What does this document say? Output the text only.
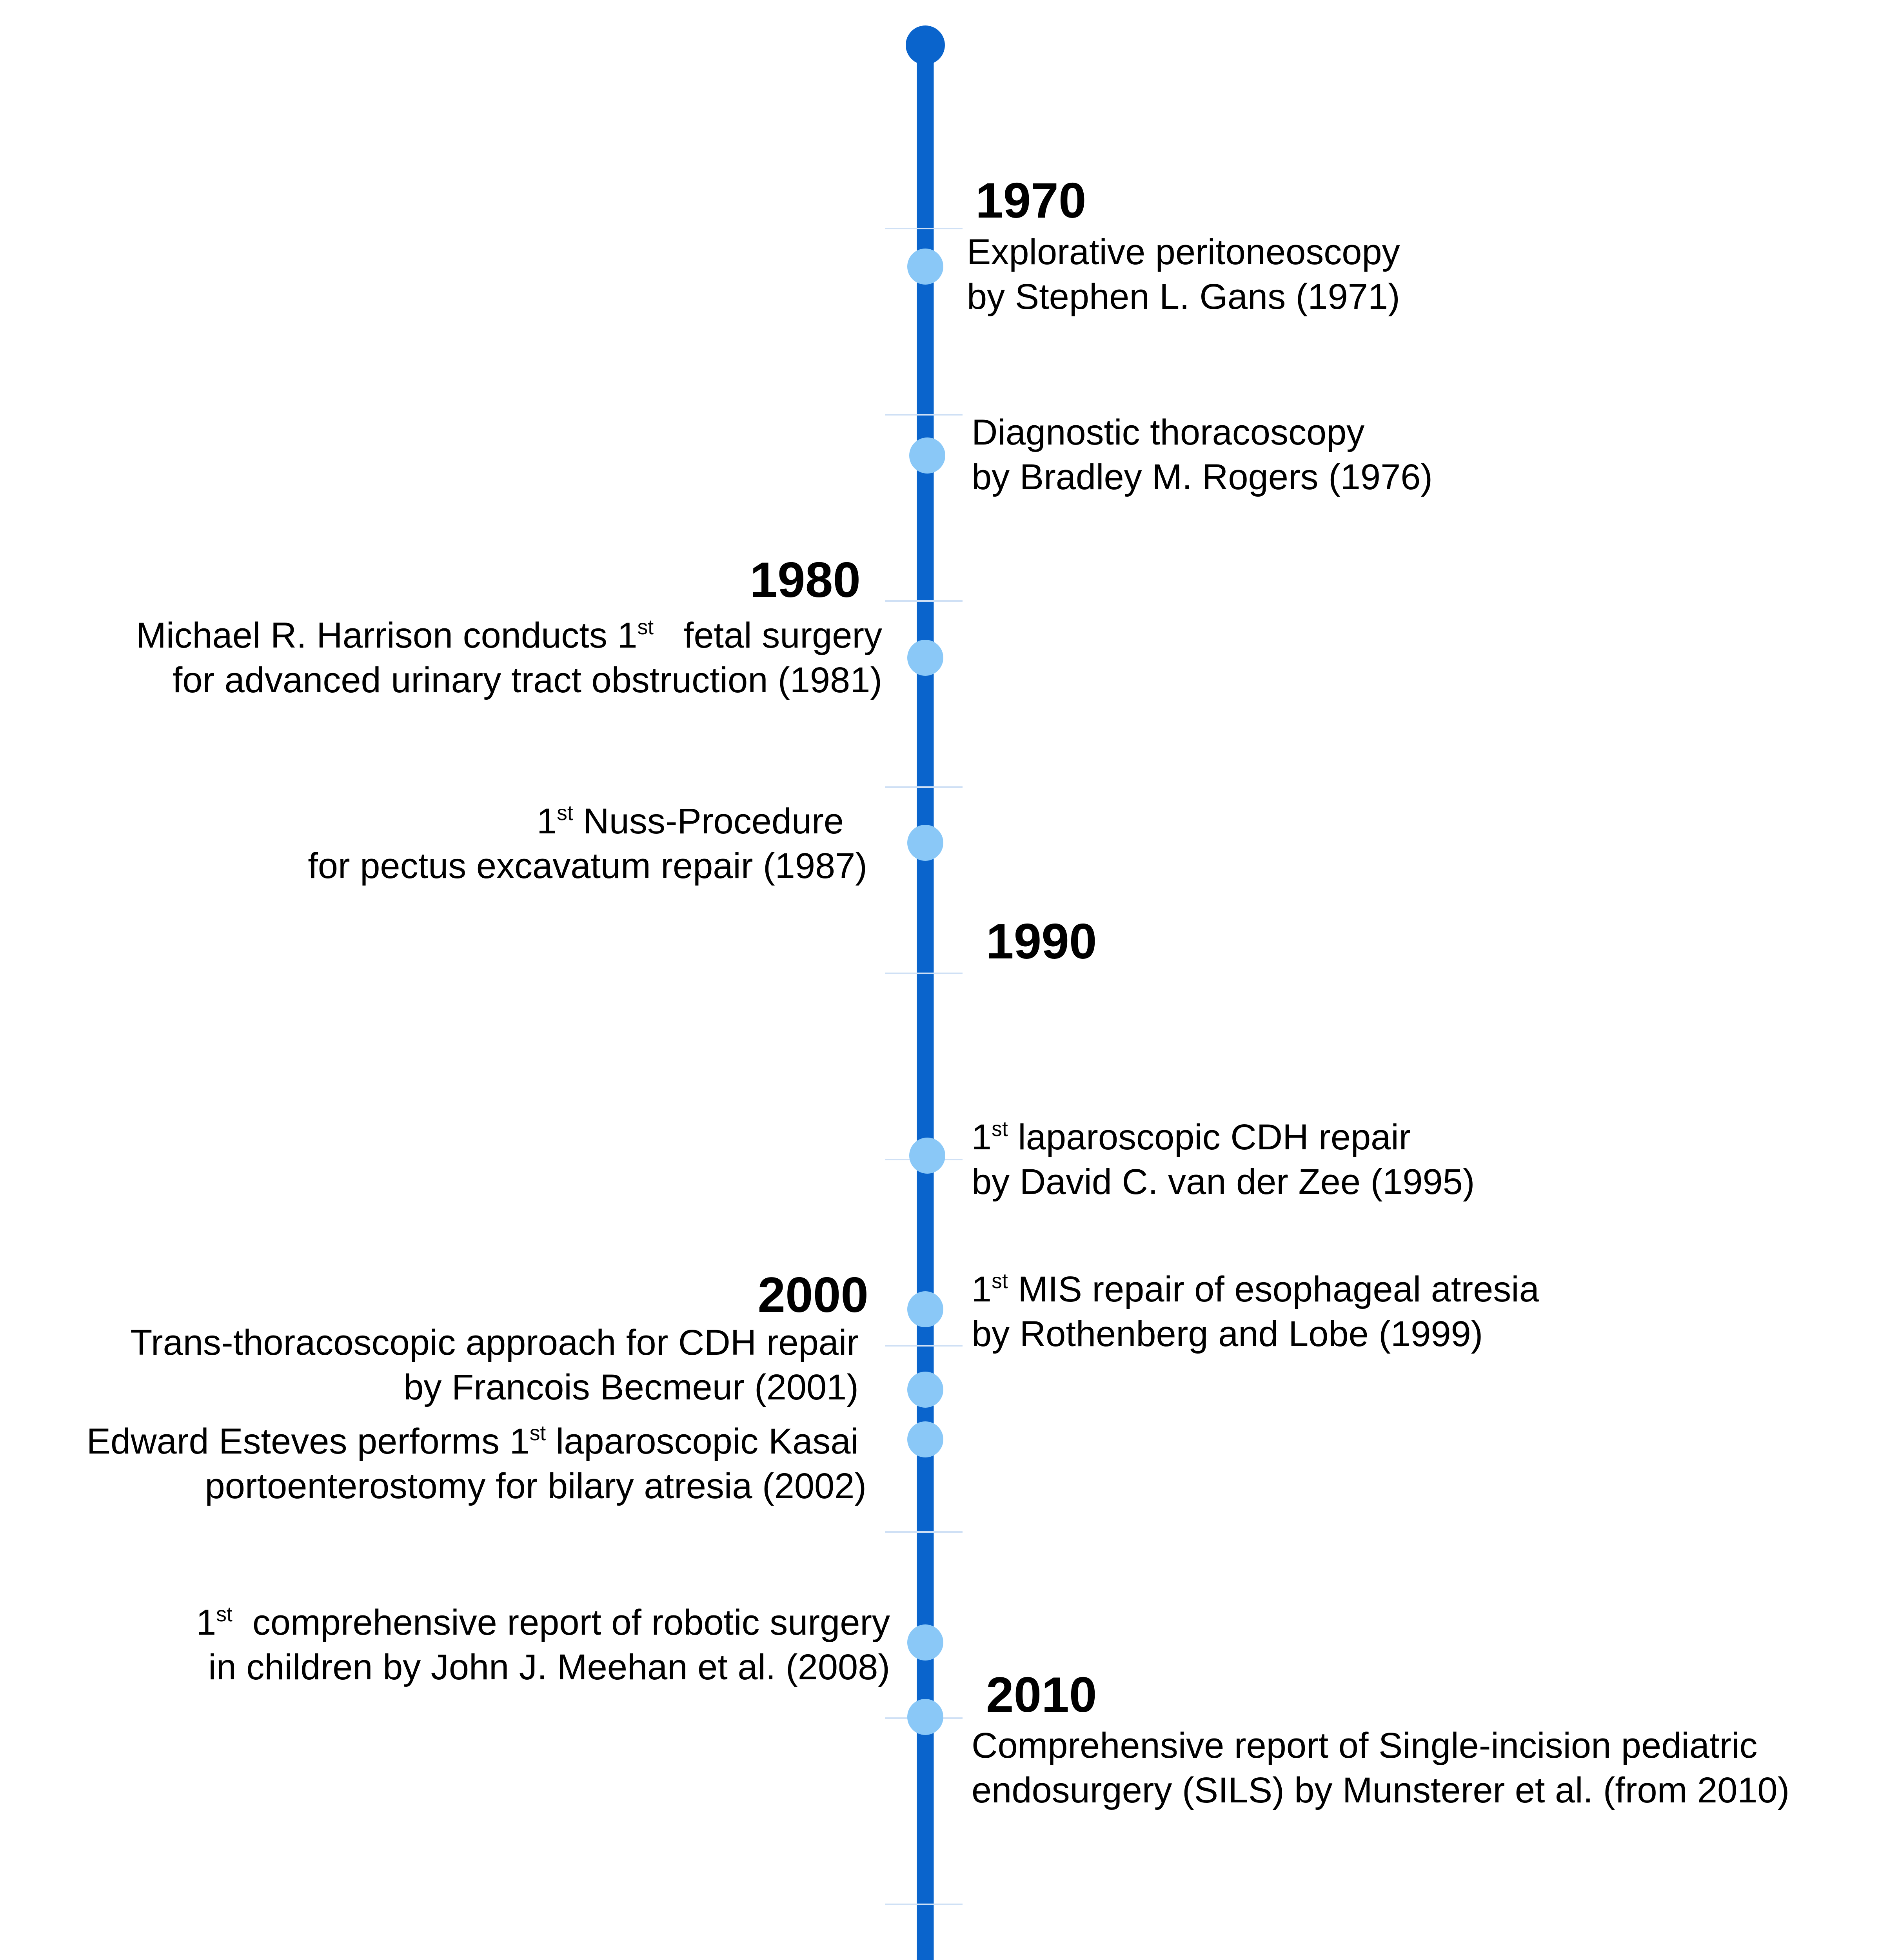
1970
1980
1990
2000
2010
Explorative peritoneoscopy
by Stephen L. Gans (1971)
Diagnostic thoracoscopy
by Bradley M. Rogers (1976)
1st laparoscopic CDH repair
by David C. van der Zee (1995)
1st MIS repair of esophageal atresia
by Rothenberg and Lobe (1999)
Comprehensive report of Single-incision pediatric
endosurgery (SILS) by Munsterer et al. (from 2010)
Michael R. Harrison conducts 1st   fetal surgery
for advanced urinary tract obstruction (1981)
1st Nuss-Procedure
for pectus excavatum repair (1987)
Trans-thoracoscopic approach for CDH repair
by Francois Becmeur (2001)
Edward Esteves performs 1st laparoscopic Kasai
portoenterostomy for bilary atresia (2002)
1st  comprehensive report of robotic surgery
in children by John J. Meehan et al. (2008)
